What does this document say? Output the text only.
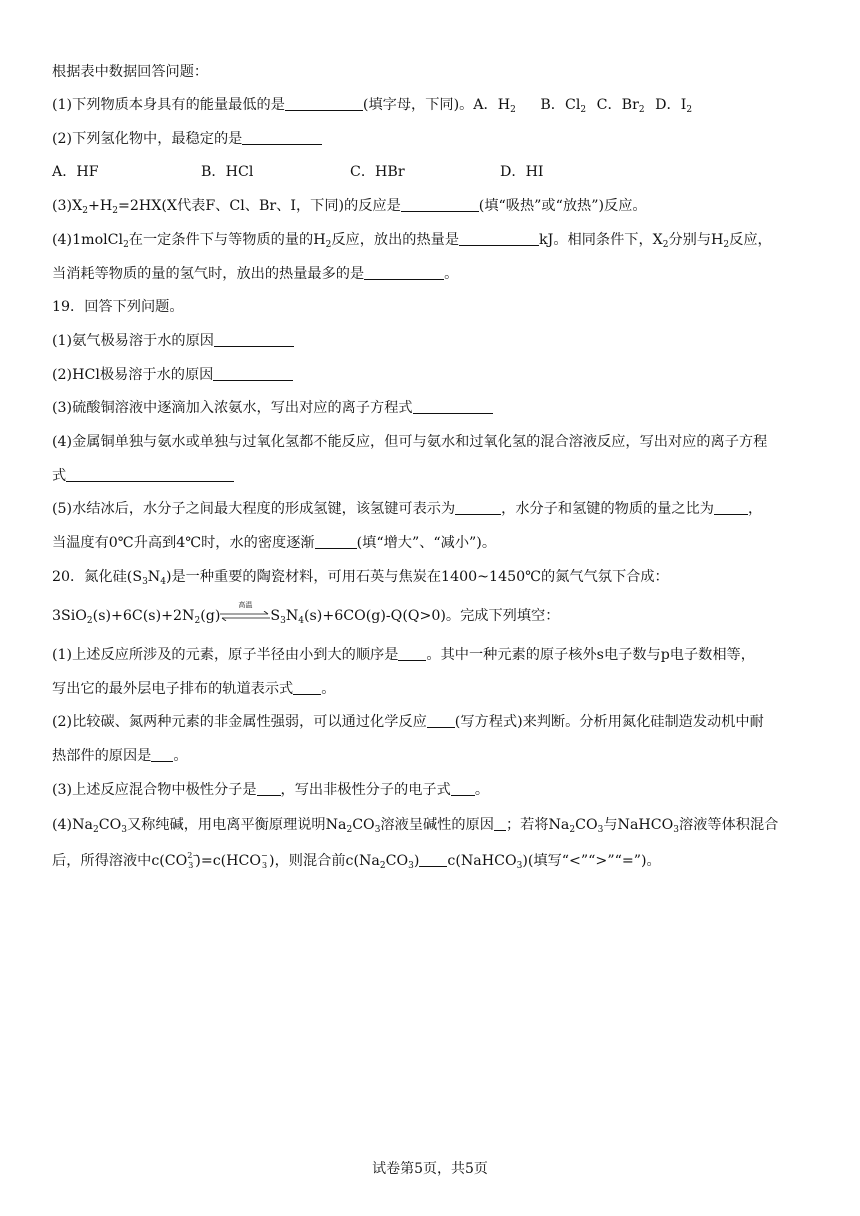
根据表中数据回答问题：
(1)下列物质本身具有的能量最低的是	(填字母，下同)。A．$H_2$ B．$Cl_2$ C．$Br_2$ D．$I_2$
(2)下列氢化物中，最稳定的是
A．HF	B．HCl	C．HBr	D．HI
$(3)X_2+H_2=2HX(X$代表F、Cl、Br、I，下同)的反应是	(填“吸热”或“放热”)反应。
(4)1molCl$_2$在一定条件下与等物质的量的$H_2$反应，放出的热量是	kJ。相同条件下，$X_2$分别与$H_2$反应，
当消耗等物质的量的氢气时，放出的热量最多的是	。
19．回答下列问题。
(1)氨气极易溶于水的原因
(2)HCl极易溶于水的原因
(3)硫酸铜溶液中逐滴加入浓氨水，写出对应的离子方程式
(4)金属铜单独与氨水或单独与过氧化氢都不能反应，但可与氨水和过氧化氢的混合溶液反应，写出对应的离子方程
式
(5)水结冰后，水分子之间最大程度的形成氢键，该氢键可表示为	，水分子和氢键的物质的量之比为 ，
当温度有0℃升高到4℃时，水的密度逐渐	(填“增大”、“减小”)。
20．氮化硅$(S_3N_4)$是一种重要的陶瓷材料，可用石英与焦炭在1400~1450℃的氮气气氛下合成：
$3SiO_2(s)+6C(s)+2N_2(g)$
高温
$S_3N_4(s)+6CO(g)-Q(Q>0)$。完成下列填空：
(1)上述反应所涉及的元素，原子半径由小到大的顺序是 。其中一种元素的原子核外s电子数与p电子数相等，
写出它的最外层电子排布的轨道表示式 。
(2)比较碳、氮两种元素的非金属性强弱，可以通过化学反应 (写方程式)来判断。分析用氮化硅制造发动机中耐
热部件的原因是 。
(3)上述反应混合物中极性分子是 ，写出非极性分子的电子式 。
$(4)Na_2CO_3$又称纯碱，用电离平衡原理说明$Na_2CO_3$溶液呈碱性的原因 ；若将$Na_2CO_3$与NaHCO$_3$溶液等体积混合
后，所得溶液中c(CO 2−
3 )=c(HCO −
3 )，则混合前$c(Na_2CO_3)$ c(NaHCO$_3$)(填写“<”“>”“=”)。
试卷第5页，共5页
